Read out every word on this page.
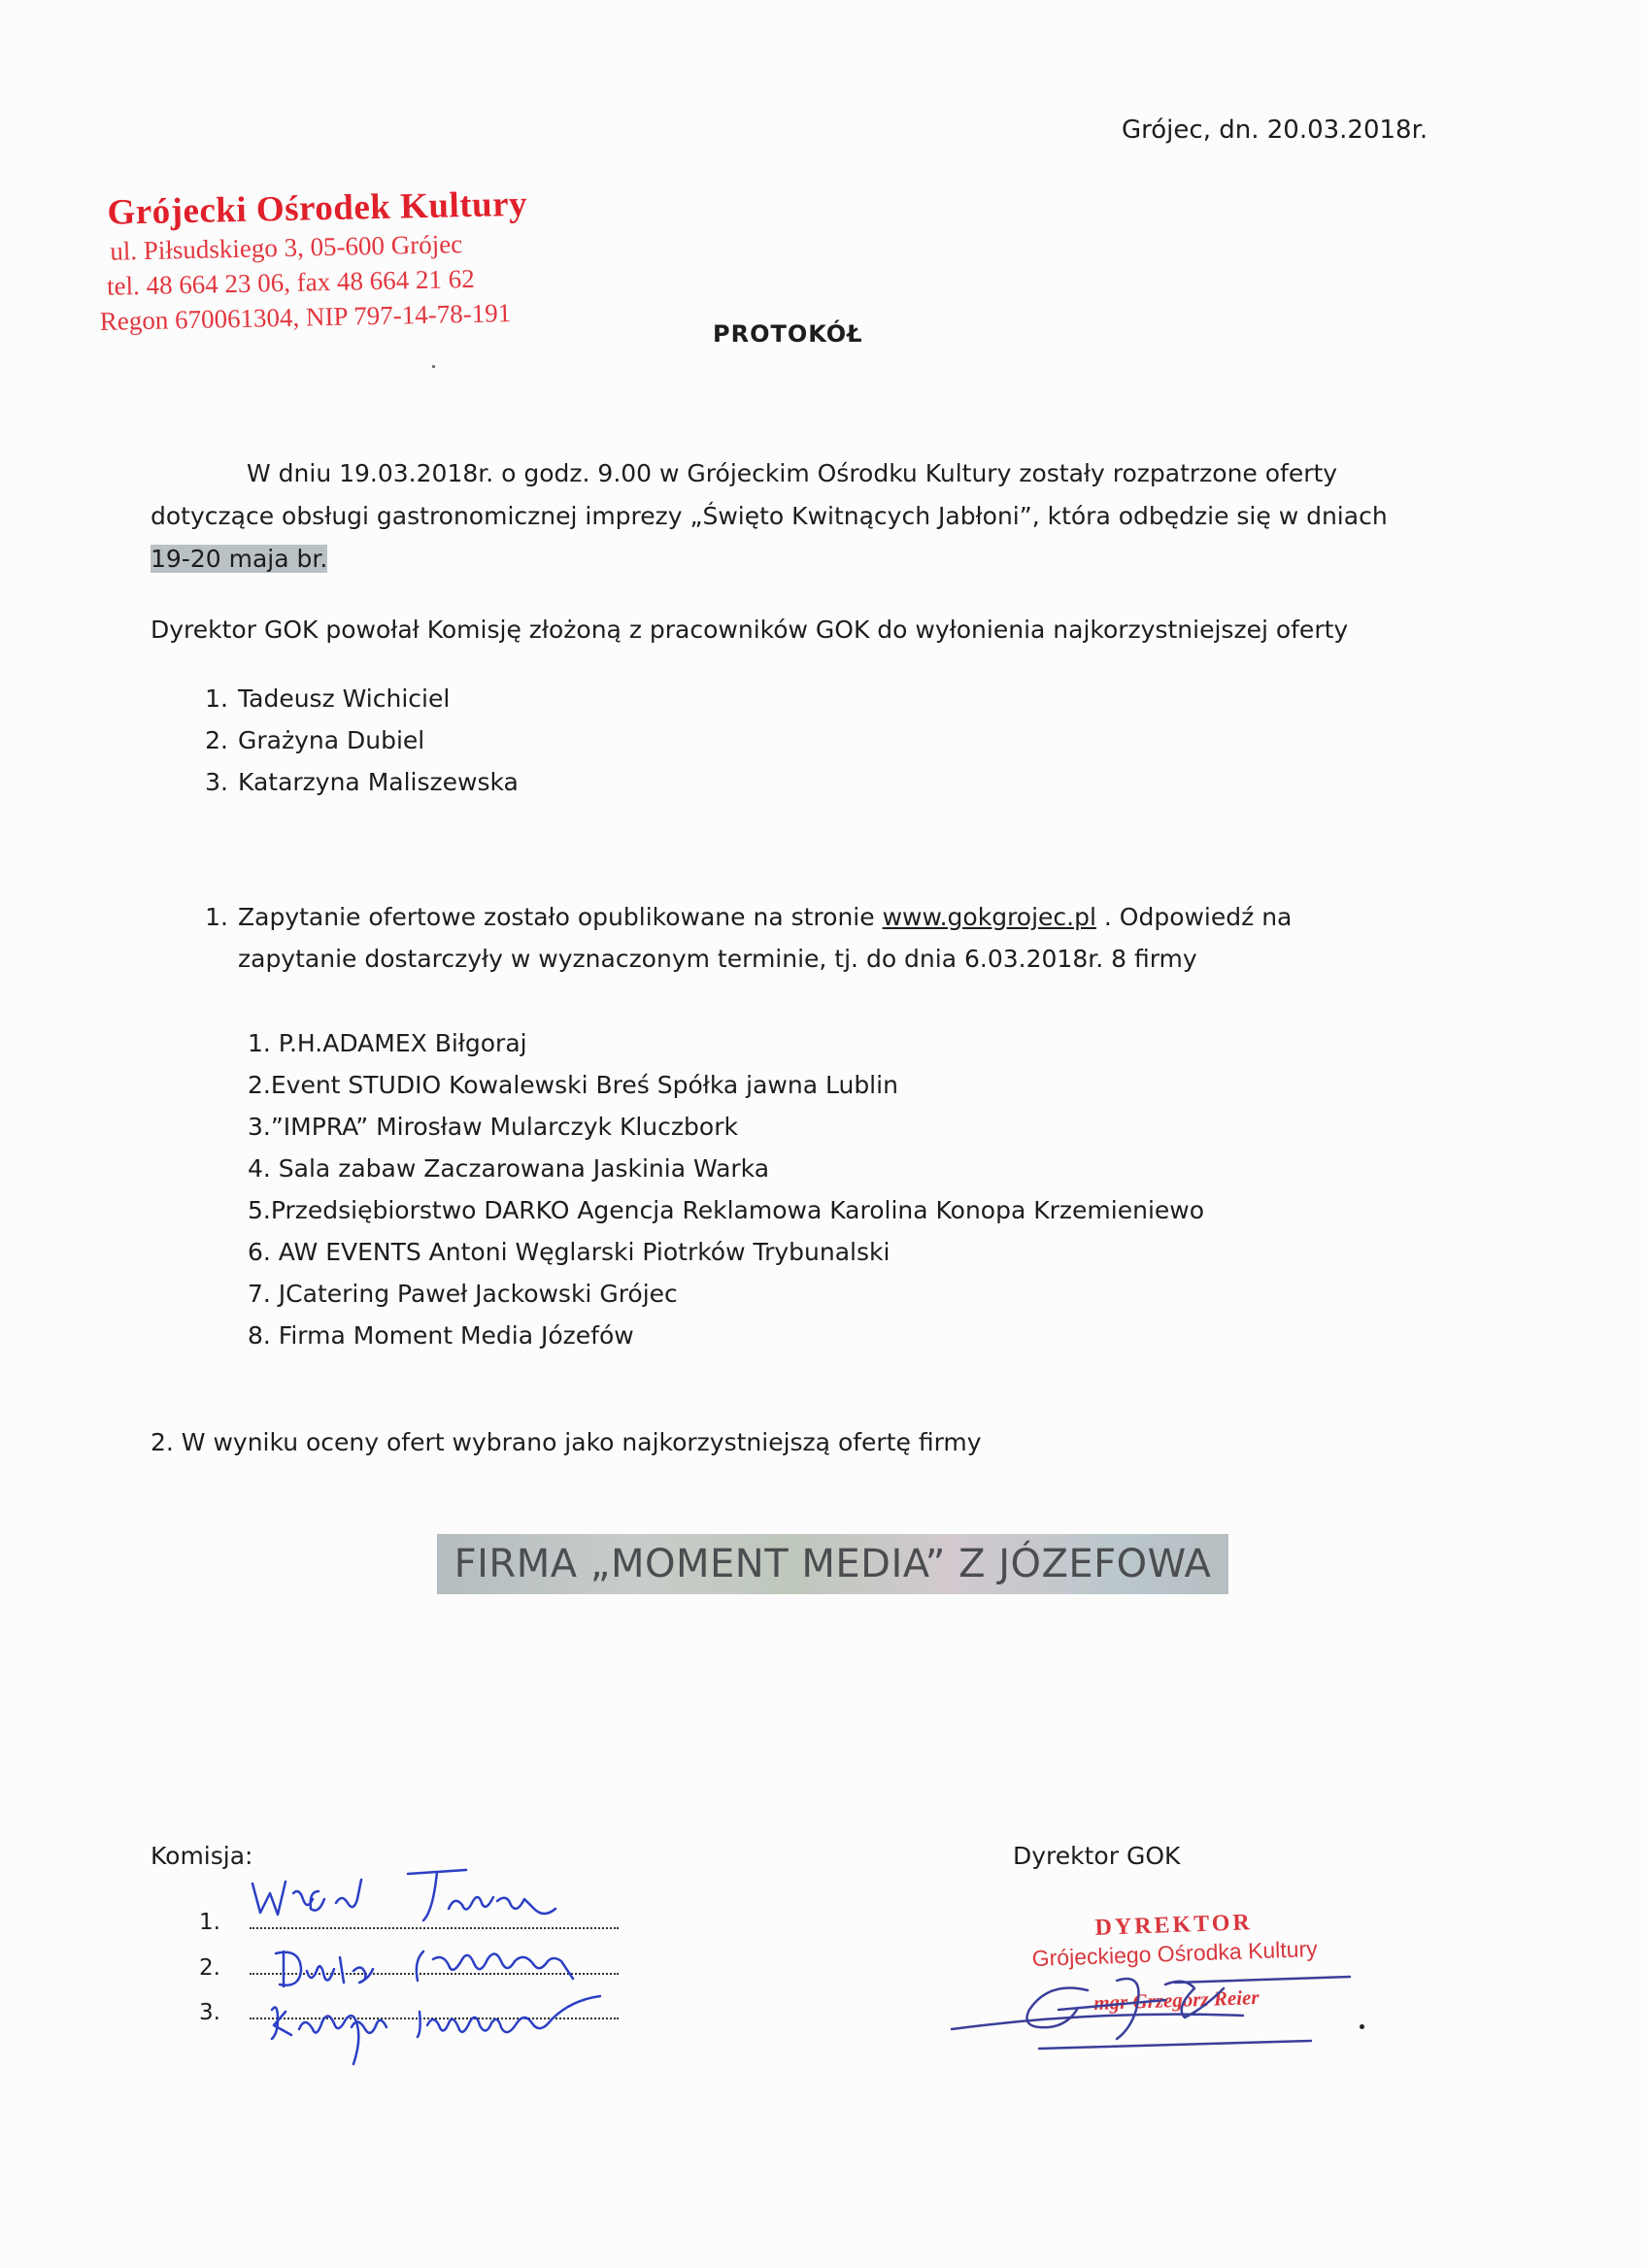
Grójec, dn. 20.03.2018r.
Grójecki Ośrodek Kultury
ul. Piłsudskiego 3, 05-600 Grójec
tel. 48 664 23 06, fax 48 664 21 62
Regon 670061304, NIP 797-14-78-191	PROTOKÓŁ
W dniu 19.03.2018r. o godz. 9.00 w Grójeckim Ośrodku Kultury zostały rozpatrzone oferty dotyczące obsługi gastronomicznej imprezy „Święto Kwitnących Jabłoni”, która odbędzie się w dniach
19-20 maja br.
Dyrektor GOK powołał Komisję złożoną z pracowników GOK do wyłonienia najkorzystniejszej oferty
1. Tadeusz Wichiciel
2. Grażyna Dubiel
3. Katarzyna Maliszewska
1. Zapytanie ofertowe zostało opublikowane na stronie www.gokgrojec.pl . Odpowiedź na
zapytanie dostarczyły w wyznaczonym terminie, tj. do dnia 6.03.2018r. 8 firmy
1. P.H.ADAMEX Biłgoraj
2.Event STUDIO Kowalewski Breś Spółka jawna Lublin
3.”IMPRA” Mirosław Mularczyk Kluczbork
4. Sala zabaw Zaczarowana Jaskinia Warka
5.Przedsiębiorstwo DARKO Agencja Reklamowa Karolina Konopa Krzemieniewo
6. AW EVENTS Antoni Węglarski Piotrków Trybunalski
7. JCatering Paweł Jackowski Grójec
8. Firma Moment Media Józefów
2. W wyniku oceny ofert wybrano jako najkorzystniejszą ofertę firmy
FIRMA „MOMENT MEDIA” Z JÓZEFOWA
Komisja:	Dyrektor GOK
1.
2.
3.
DYREKTOR
Grójeckiego Ośrodka Kultury
mgr Grzegorz Reier
